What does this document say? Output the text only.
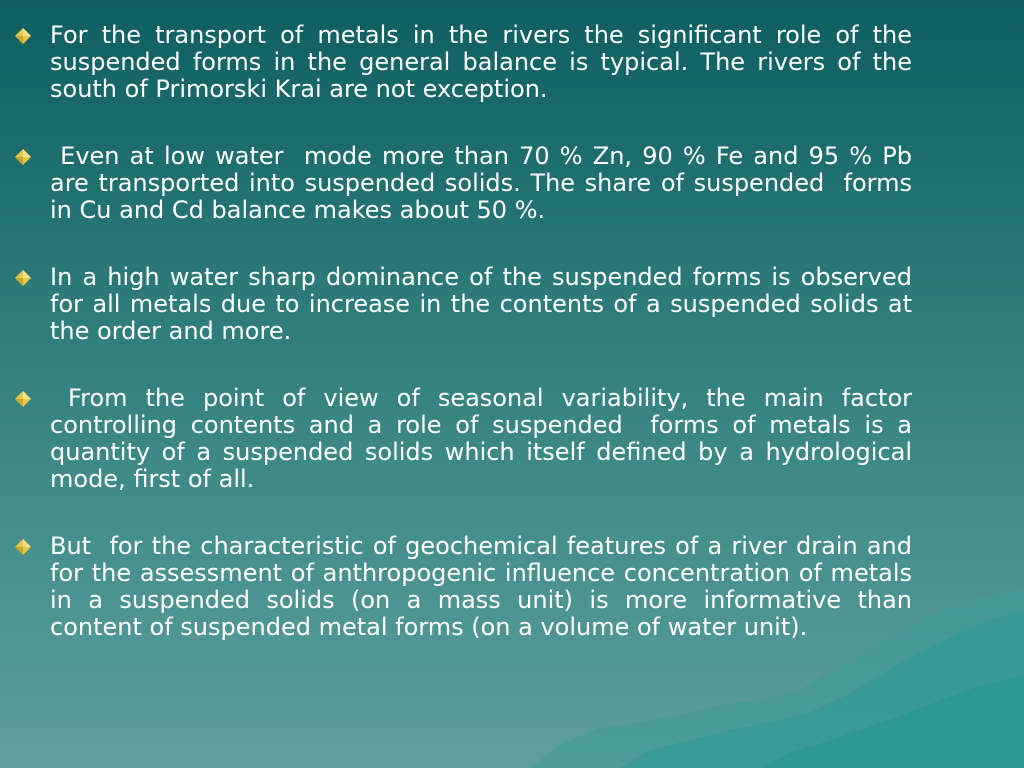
For the transport of metals in the rivers the significant role of the suspended forms in the general balance is typical. The rivers of the south of Primorski Krai are not exception.
Even at low water  mode more than 70 % Zn, 90 % Fe and 95 % Pb are transported into suspended solids. The share of suspended  forms in Cu and Cd balance makes about 50 %.
In a high water sharp dominance of the suspended forms is observed for all metals due to increase in the contents of a suspended solids at the order and more.
From the point of view of seasonal variability, the main factor controlling contents and a role of suspended  forms of metals is a quantity of a suspended solids which itself defined by a hydrological mode, first of all.
But  for the characteristic of geochemical features of a river drain and for the assessment of anthropogenic influence concentration of metals in a suspended solids (on a mass unit) is more informative than content of suspended metal forms (on a volume of water unit).
